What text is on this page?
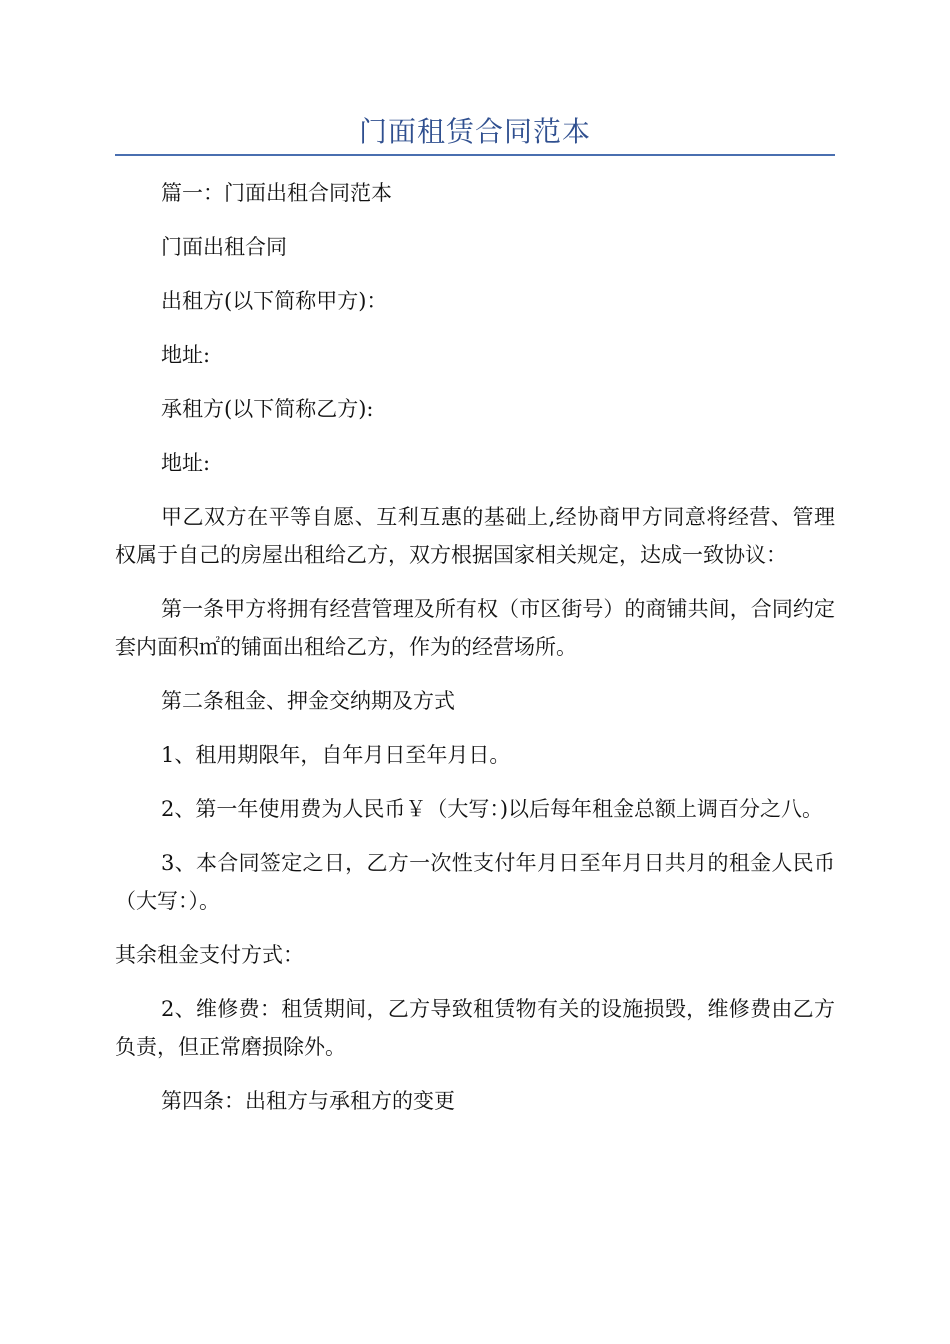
门面租赁合同范本

篇一：门面出租合同范本

门面出租合同

出租方(以下简称甲方)：

地址:

承租方(以下简称乙方):

地址:

甲乙双方在平等自愿、互利互惠的基础上,经协商甲方同意将经营、管理权属于自己的房屋出租给乙方，双方根据国家相关规定，达成一致协议：

第一条甲方将拥有经营管理及所有权（市区街号）的商铺共间，合同约定套内面积㎡的铺面出租给乙方，作为的经营场所。

第二条租金、押金交纳期及方式

1、租用期限年，自年月日至年月日。

2、第一年使用费为人民币￥（大写：)以后每年租金总额上调百分之八。

3、本合同签定之日，乙方一次性支付年月日至年月日共月的租金人民币（大写：）。

其余租金支付方式：

2、维修费：租赁期间，乙方导致租赁物有关的设施损毁，维修费由乙方负责，但正常磨损除外。

第四条：出租方与承租方的变更
